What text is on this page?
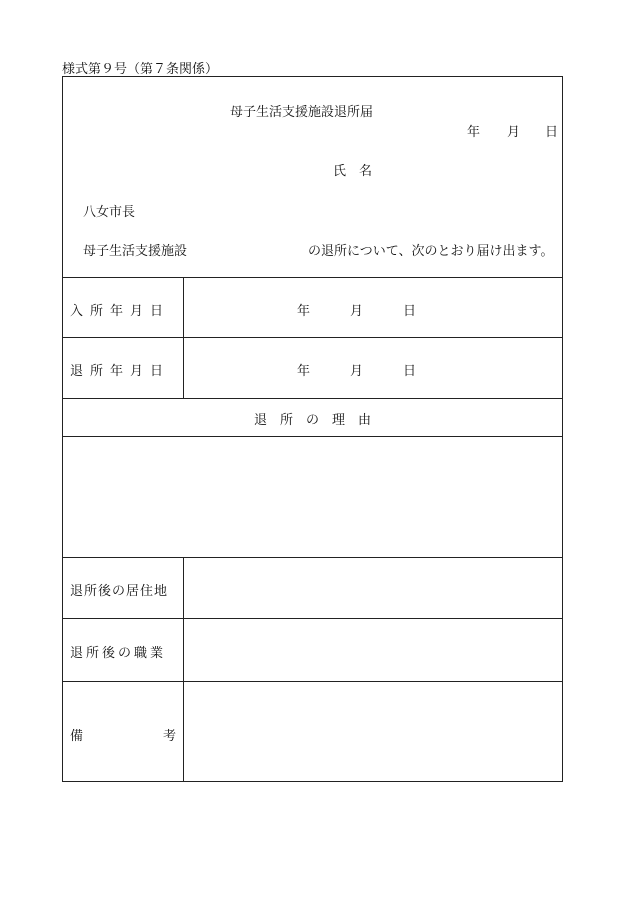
様式第９号（第７条関係）
母子生活支援施設退所届
年 月 日
氏　名
八女市長
母子生活支援施設	の退所について、次のとおり届け出ます。
入所年月日	年	月	日
退所年月日	年	月	日
退　所　の　理　由
退所後の居住地
退所後の職業
備	考
